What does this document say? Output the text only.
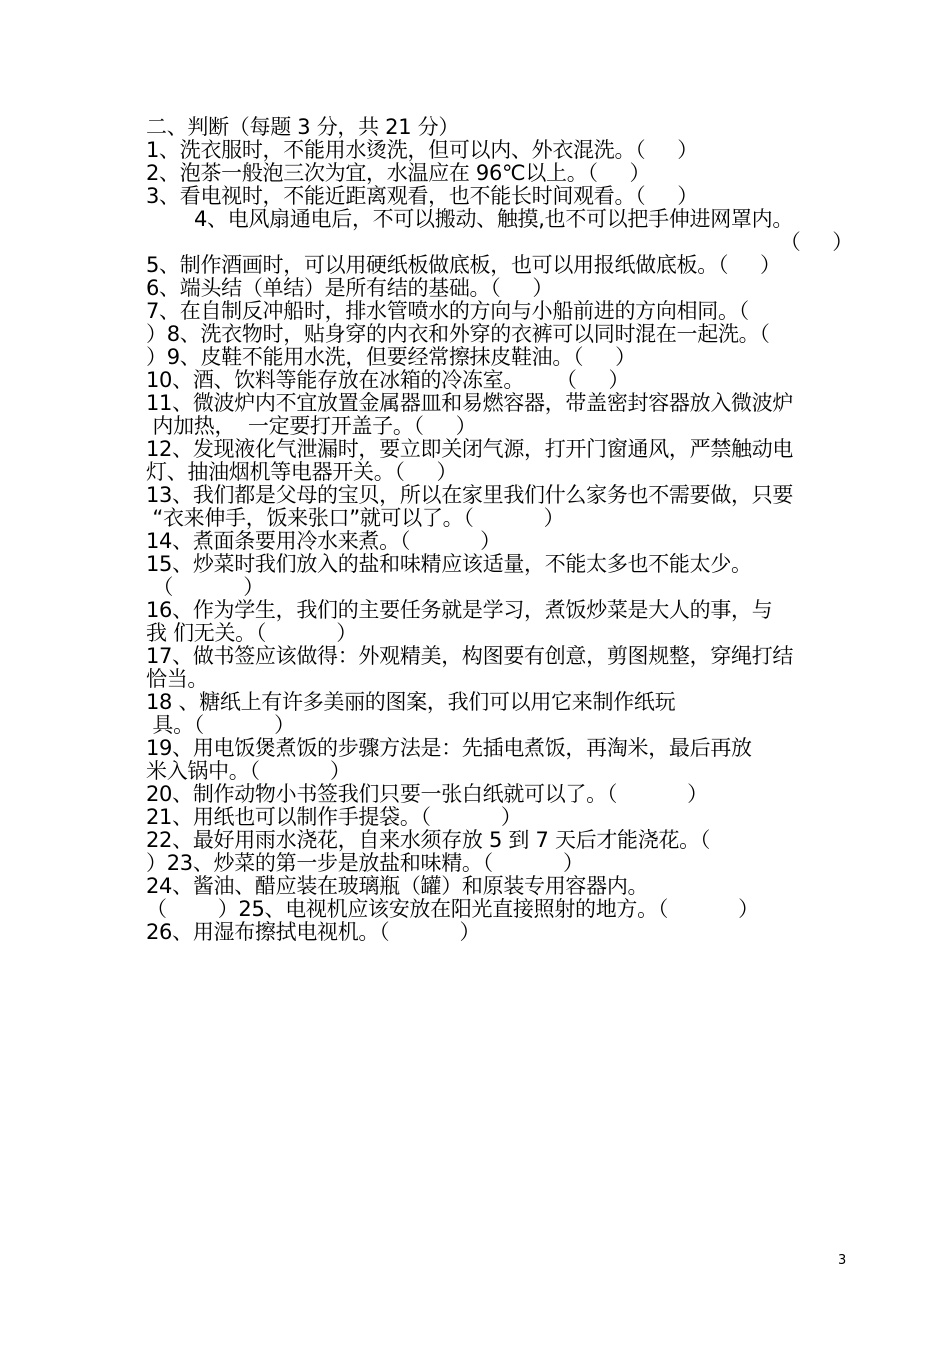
二、判断（每题 3 分，共 21 分）
1、洗衣服时，不能用水烫洗，但可以内、外衣混洗。（     ）
2、泡茶一般泡三次为宜，水温应在 96℃以上。（     ）
3、看电视时，不能近距离观看，也不能长时间观看。（     ）
4、电风扇通电后，不可以搬动、触摸,也不可以把手伸进网罩内。
（     ）
5、制作酒画时，可以用硬纸板做底板，也可以用报纸做底板。（     ）
6、端头结（单结）是所有结的基础。（     ）
7、在自制反冲船时，排水管喷水的方向与小船前进的方向相同。（
）8、洗衣物时，贴身穿的内衣和外穿的衣裤可以同时混在一起洗。（
）9、皮鞋不能用水洗，但要经常擦抹皮鞋油。（     ）
10、酒、饮料等能存放在冰箱的冷冻室。     （     ）
11、微波炉内不宜放置金属器皿和易燃容器，带盖密封容器放入微波炉
内加热，  一定要打开盖子。（     ）
12、发现液化气泄漏时，要立即关闭气源，打开门窗通风，严禁触动电
灯、抽油烟机等电器开关。（     ）
13、我们都是父母的宝贝，所以在家里我们什么家务也不需要做，只要
“衣来伸手，饭来张口”就可以了。（           ）
14、煮面条要用冷水来煮。（           ）
15、炒菜时我们放入的盐和味精应该适量，不能太多也不能太少。
（           ）
16、作为学生，我们的主要任务就是学习，煮饭炒菜是大人的事，与
我 们无关。（           ）
17、做书签应该做得：外观精美，构图要有创意，剪图规整，穿绳打结
恰当。
18 、糖纸上有许多美丽的图案，我们可以用它来制作纸玩
具。（           ）
19、用电饭煲煮饭的步骤方法是：先插电煮饭，再淘米，最后再放
米入锅中。（           ）
20、制作动物小书签我们只要一张白纸就可以了。（           ）
21、用纸也可以制作手提袋。（           ）
22、最好用雨水浇花，自来水须存放 5 到 7 天后才能浇花。（
）23、炒菜的第一步是放盐和味精。（           ）
24、酱油、醋应装在玻璃瓶（罐）和原装专用容器内。
（        ）25、电视机应该安放在阳光直接照射的地方。（           ）
26、用湿布擦拭电视机。（           ）
3
